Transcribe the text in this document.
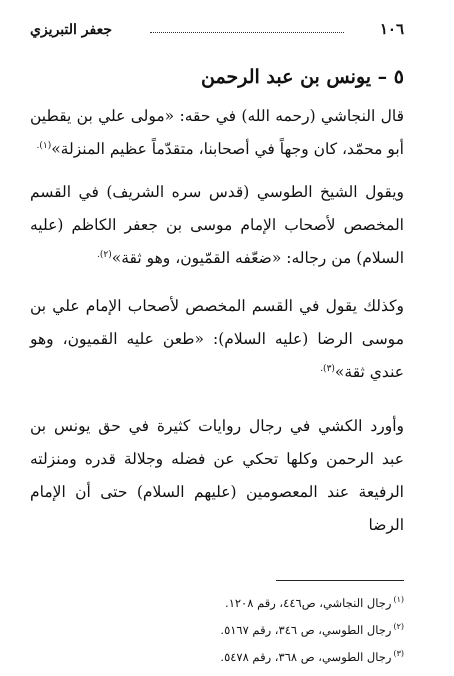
جعفر التبريزي	١٠٦
٥ – يونس بن عبد الرحمن

قال النجاشي (رحمه الله) في حقه: «مولى علي بن يقطين أبو محمّد، كان وجهاً في أصحابنا، متقدّماً عظيم المنزلة»$^{(١).}$

ويقول الشيخ الطوسي (قدس سره الشريف) في القسم المخصص لأصحاب الإمام موسى بن جعفر الكاظم (عليه السلام) من رجاله: «ضعّفه القمّيون، وهو ثقة»$^{(٢).}$

وكذلك يقول في القسم المخصص لأصحاب الإمام علي بن موسى الرضا (عليه السلام): «طعن عليه القميون، وهو عندي ثقة»$^{(٣).}$

وأورد الكشي في رجال روايات كثيرة في حق يونس بن عبد الرحمن وكلها تحكي عن فضله وجلالة قدره ومنزلته الرفيعة عند المعصومين (عليهم السلام) حتى أن الإمام الرضا

$^{(١)}$رجال النجاشي، ص٤٤٦، رقم ١٢٠٨.
$^{(٢)}$رجال الطوسي، ص ٣٤٦، رقم ٥١٦٧.
$^{(٣)}$رجال الطوسي، ص ٣٦٨، رقم ٥٤٧٨.
